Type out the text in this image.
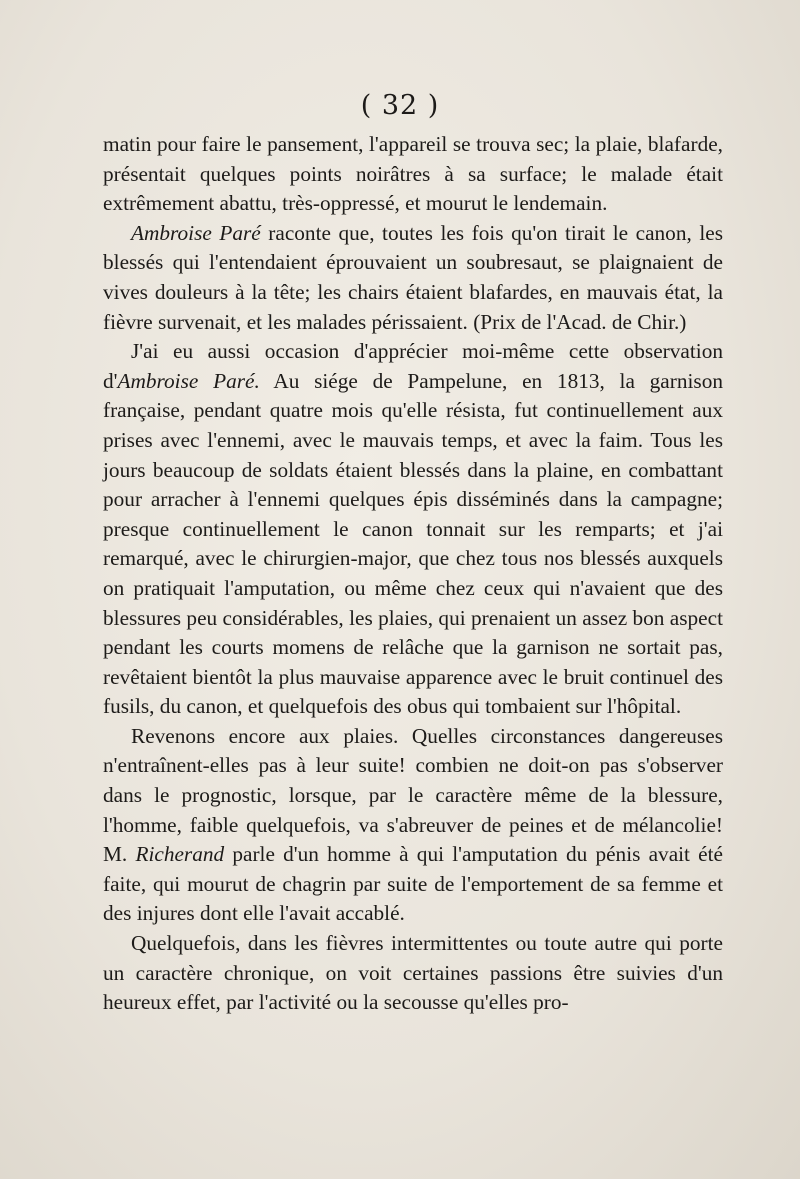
( 32 )

matin pour faire le pansement, l'appareil se trouva sec; la plaie, blafarde, présentait quelques points noirâtres à sa surface; le malade était extrêmement abattu, très-oppressé, et mourut le lendemain.

Ambroise Paré raconte que, toutes les fois qu'on tirait le canon, les blessés qui l'entendaient éprouvaient un soubresaut, se plaignaient de vives douleurs à la tête; les chairs étaient blafardes, en mauvais état, la fièvre survenait, et les malades périssaient. (Prix de l'Acad. de Chir.)

J'ai eu aussi occasion d'apprécier moi-même cette observation d'Ambroise Paré. Au siége de Pampelune, en 1813, la garnison française, pendant quatre mois qu'elle résista, fut continuellement aux prises avec l'ennemi, avec le mauvais temps, et avec la faim. Tous les jours beaucoup de soldats étaient blessés dans la plaine, en combattant pour arracher à l'ennemi quelques épis disséminés dans la campagne; presque continuellement le canon tonnait sur les remparts; et j'ai remarqué, avec le chirurgien-major, que chez tous nos blessés auxquels on pratiquait l'amputation, ou même chez ceux qui n'avaient que des blessures peu considérables, les plaies, qui prenaient un assez bon aspect pendant les courts momens de relâche que la garnison ne sortait pas, revêtaient bientôt la plus mauvaise apparence avec le bruit continuel des fusils, du canon, et quelquefois des obus qui tombaient sur l'hôpital.

Revenons encore aux plaies. Quelles circonstances dangereuses n'entraînent-elles pas à leur suite! combien ne doit-on pas s'observer dans le prognostic, lorsque, par le caractère même de la blessure, l'homme, faible quelquefois, va s'abreuver de peines et de mélancolie! M. Richerand parle d'un homme à qui l'amputation du pénis avait été faite, qui mourut de chagrin par suite de l'emportement de sa femme et des injures dont elle l'avait accablé.

Quelquefois, dans les fièvres intermittentes ou toute autre qui porte un caractère chronique, on voit certaines passions être suivies d'un heureux effet, par l'activité ou la secousse qu'elles pro-
